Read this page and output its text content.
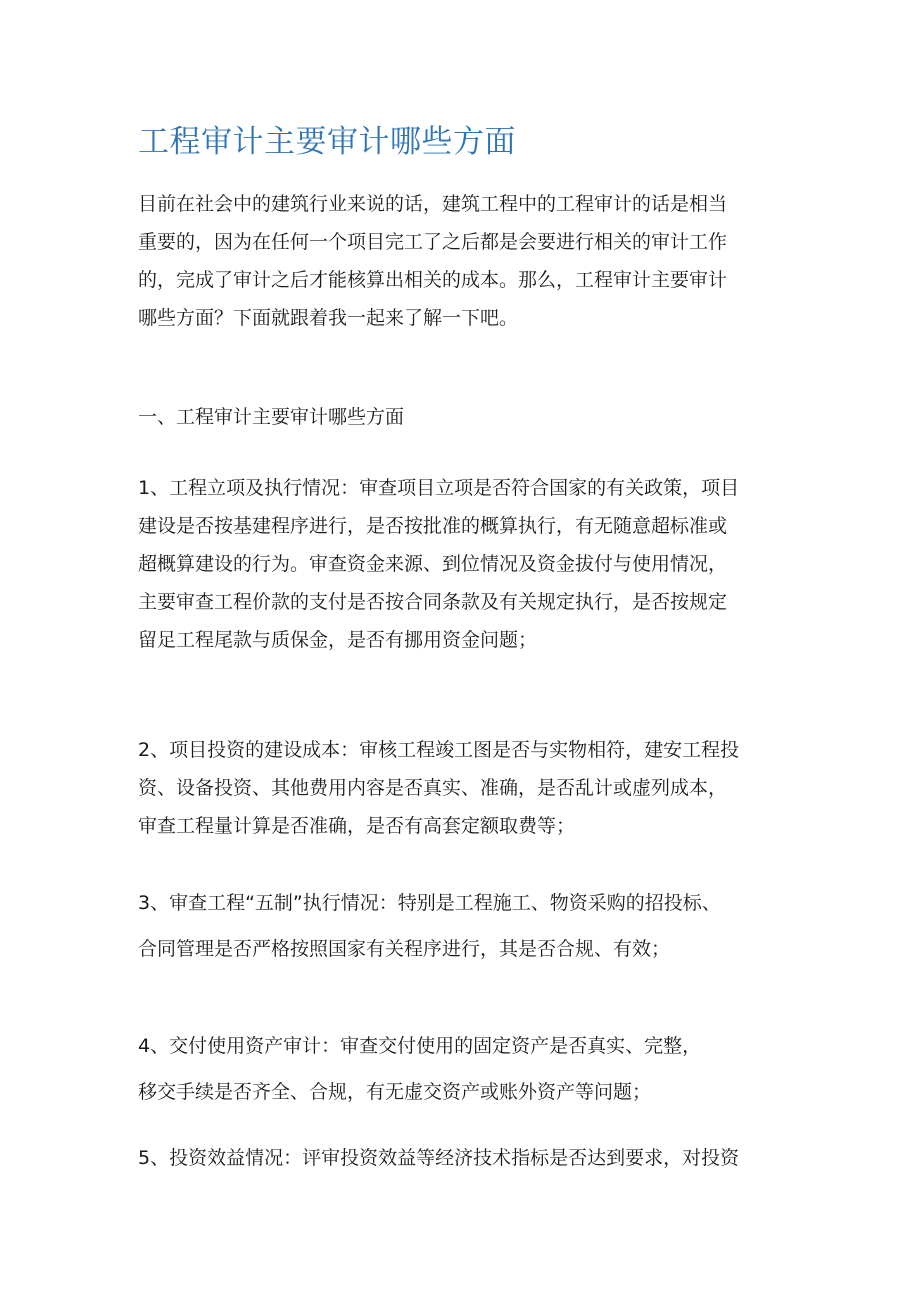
工程审计主要审计哪些方面

目前在社会中的建筑行业来说的话，建筑工程中的工程审计的话是相当
重要的，因为在任何一个项目完工了之后都是会要进行相关的审计工作
的，完成了审计之后才能核算出相关的成本。那么，工程审计主要审计
哪些方面？下面就跟着我一起来了解一下吧。

一、工程审计主要审计哪些方面

1、工程立项及执行情况：审查项目立项是否符合国家的有关政策，项目
建设是否按基建程序进行，是否按批准的概算执行，有无随意超标准或
超概算建设的行为。审查资金来源、到位情况及资金拔付与使用情况，
主要审查工程价款的支付是否按合同条款及有关规定执行，是否按规定
留足工程尾款与质保金，是否有挪用资金问题；

2、项目投资的建设成本：审核工程竣工图是否与实物相符，建安工程投
资、设备投资、其他费用内容是否真实、准确，是否乱计或虚列成本，
审查工程量计算是否准确，是否有高套定额取费等；

3、审查工程“五制”执行情况：特别是工程施工、物资采购的招投标、
合同管理是否严格按照国家有关程序进行，其是否合规、有效；

4、交付使用资产审计：审查交付使用的固定资产是否真实、完整，
移交手续是否齐全、合规，有无虚交资产或账外资产等问题；

5、投资效益情况：评审投资效益等经济技术指标是否达到要求，对投资
